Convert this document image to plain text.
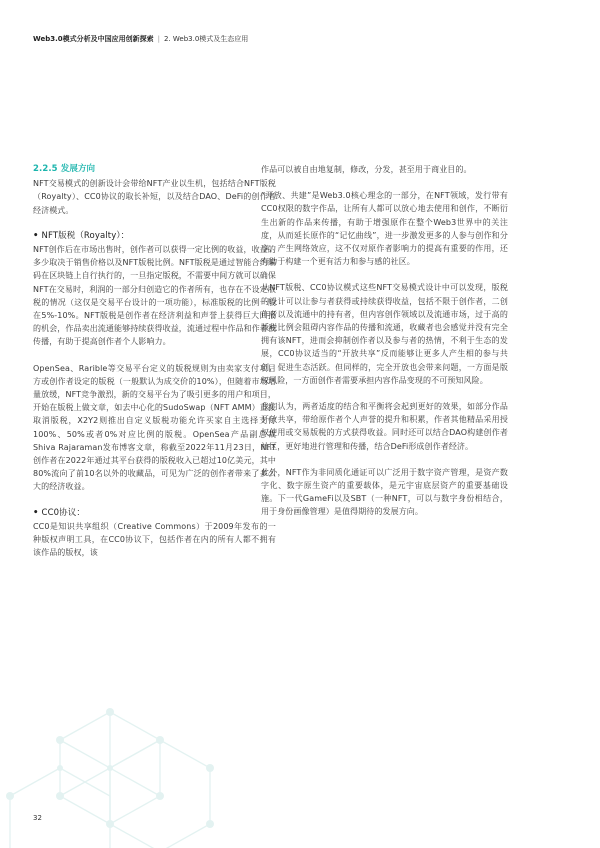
Web3.0模式分析及中国应用创新探索 | 2. Web3.0模式及生态应用
2.2.5 发展方向

NFT交易模式的创新设计会带给NFT产业以生机，包括结合NFT版税（Royalty）、CC0协议的取长补短，以及结合DAO、DeFi的创作者经济模式。

• NFT版税（Royalty）：

NFT创作后在市场出售时，创作者可以获得一定比例的收益，收益的多少取决于销售价格以及NFT版税比例。NFT版税是通过智能合约编码在区块链上自行执行的，一旦指定版税，不需要中间方就可以确保NFT在交易时，利润的一部分归创造它的作者所有，也存在不设定版税的情况（这仅是交易平台设计的一项功能），标准版税的比例一般在5%-10%。NFT版税是创作者在经济利益和声誉上获得巨大回报的机会，作品卖出流通能够持续获得收益，流通过程中作品和作者被传播，有助于提高创作者个人影响力。

OpenSea、Rarible等交易平台定义的版税规则为由卖家支付项目方或创作者设定的版税（一般默认为成交价的10%），但随着市场增量放缓，NFT竞争激烈，新的交易平台为了吸引更多的用户和项目，开始在版税上做文章，如去中心化的SudoSwap（NFT AMM）直接取消版税，X2Y2则推出自定义版税功能允许买家自主选择支付100%、50%或者0%对应比例的版税。OpenSea产品副总裁Shiva Rajaraman发布博客文章，称截至2022年11月23日，NFT创作者在2022年通过其平台获得的版税收入已超过10亿美元，其中80%流向了前10名以外的收藏品，可见为广泛的创作者带来了多么大的经济收益。

• CC0协议：

CC0是知识共享组织（Creative Commons）于2009年发布的一种版权声明工具，在CC0协议下，包括作者在内的所有人都不拥有该作品的版权，该

作品可以被自由地复制，修改，分发，甚至用于商业目的。

“开放、共建”是Web3.0核心理念的一部分，在NFT领域，发行带有CC0权限的数字作品，让所有人都可以放心地去使用和创作，不断衍生出新的作品来传播，有助于增强原作在整个Web3世界中的关注度，从而延长原作的“记忆曲线”，进一步激发更多的人参与创作和分享，产生网络效应，这不仅对原作者影响力的提高有重要的作用，还有助于构建一个更有活力和参与感的社区。

从NFT版税、CC0协议模式这些NFT交易模式设计中可以发现，版税的设计可以让参与者获得或持续获得收益，包括不限于创作者，二创作者以及流通中的持有者，但内容创作领域以及流通市场，过于高的版税比例会阻碍内容作品的传播和流通，收藏者也会感觉并没有完全拥有该NFT，进而会抑制创作者以及参与者的热情，不利于生态的发展，CC0协议适当的“开放共享”反而能够让更多人产生相的参与共创，促进生态活跃。但同样的，完全开放也会带来问题，一方面是版权风险，一方面创作者需要承担内容作品变现的不可预知风险。

我们认为，两者适度的结合和平衡将会起到更好的效果，如部分作品开放共享，带给原作者个人声誉的提升和积累，作者其他精品采用授权使用或交易版税的方式获得收益。同时还可以结合DAO构建创作者社区，更好地进行管理和传播，结合DeFi形成创作者经济。

此外，NFT作为非同质化通证可以广泛用于数字资产管理，是资产数字化、数字原生资产的重要载体，是元宇宙底层资产的重要基础设施。下一代GameFi以及SBT（一种NFT，可以与数字身份相结合，用于身份画像管理）是值得期待的发展方向。

32
